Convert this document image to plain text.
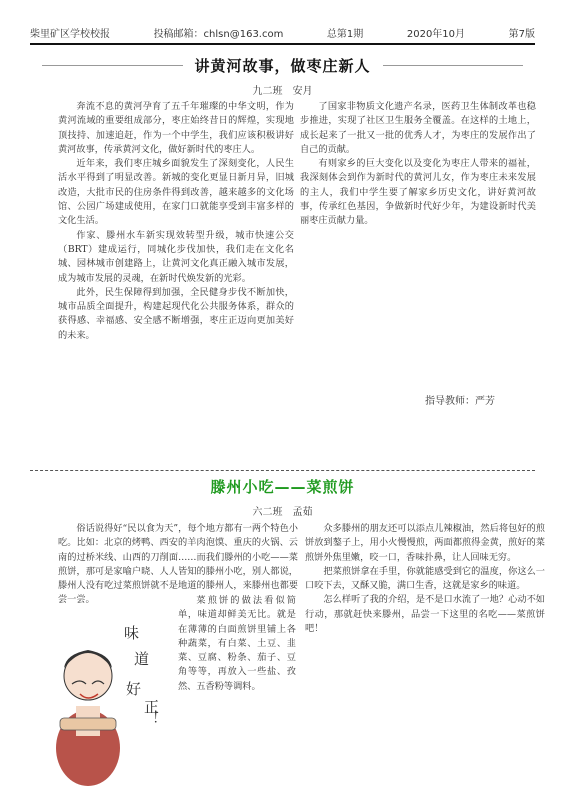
柴里矿区学校校报	投稿邮箱：chlsn@163.com	总第1期	2020年10月	第7版
讲黄河故事，做枣庄新人
九二班　安月

奔流不息的黄河孕育了五千年璀璨的中华文明，作为黄河流域的重要组成部分，枣庄始终昔日的辉煌，实现地顶技持、加速追赶，作为一个中学生，我们应该积极讲好黄河故事，传承黄河文化，做好新时代的枣庄人。

近年来，我们枣庄城乡面貌发生了深刻变化，人民生活水平得到了明显改善。新城的变化更显日新月异，旧城改造，大批市民的住房条件得到改善，越来越多的文化场馆、公园广场建成使用，在家门口就能享受到丰富多样的文化生活。

作家、滕州水车新实现效转型升级，城市快速公交（BRT）建成运行，同城化步伐加快，我们走在文化名城、园林城市创建路上，让黄河文化真正融入城市发展，成为城市发展的灵魂，在新时代焕发新的光彩。

此外，民生保障得到加强，全民健身步伐不断加快，城市品质全面提升，构建起现代化公共服务体系，群众的获得感、幸福感、安全感不断增强，枣庄正迈向更加美好的未来。

了国家非物质文化遗产名录，医药卫生体制改革也稳步推进，实现了社区卫生服务全覆盖。在这样的土地上，成长起来了一批又一批的优秀人才，为枣庄的发展作出了自己的贡献。

有则家乡的巨大变化以及变化为枣庄人带来的福祉，我深刻体会到作为新时代的黄河儿女，作为枣庄未来发展的主人，我们中学生要了解家乡历史文化，讲好黄河故事，传承红色基因，争做新时代好少年，为建设新时代美丽枣庄贡献力量。

指导教师：严芳
滕州小吃——菜煎饼
六二班　孟茹

俗话说得好“民以食为天”，每个地方都有一两个特色小吃。比如：北京的烤鸭、西安的羊肉泡馍、重庆的火锅、云南的过桥米线、山西的刀削面……而我们滕州的小吃——菜煎饼，那可是家喻户晓、人人皆知的滕州小吃，别人都说，滕州人没有吃过菜煎饼就不是地道的滕州人，来滕州也都要尝一尝。

味 道 好 正 ！

菜煎饼的做法看似简单，味道却鲜美无比。就是在薄薄的白面煎饼里铺上各种蔬菜，有白菜、土豆、韭菜、豆腐、粉条、茄子、豆角等等，再放入一些盐、孜然、五香粉等调料。

众多滕州的朋友还可以添点儿辣椒油，然后将包好的煎饼放到鏊子上，用小火慢慢煎，两面都煎得金黄，煎好的菜煎饼外焦里嫩，咬一口，香味扑鼻，让人回味无穷。

把菜煎饼拿在手里，你就能感受到它的温度，你这么一口咬下去，又酥又脆，满口生香，这就是家乡的味道。

怎么样听了我的介绍，是不是口水流了一地？心动不如行动，那就赶快来滕州，品尝一下这里的名吃——菜煎饼吧！
